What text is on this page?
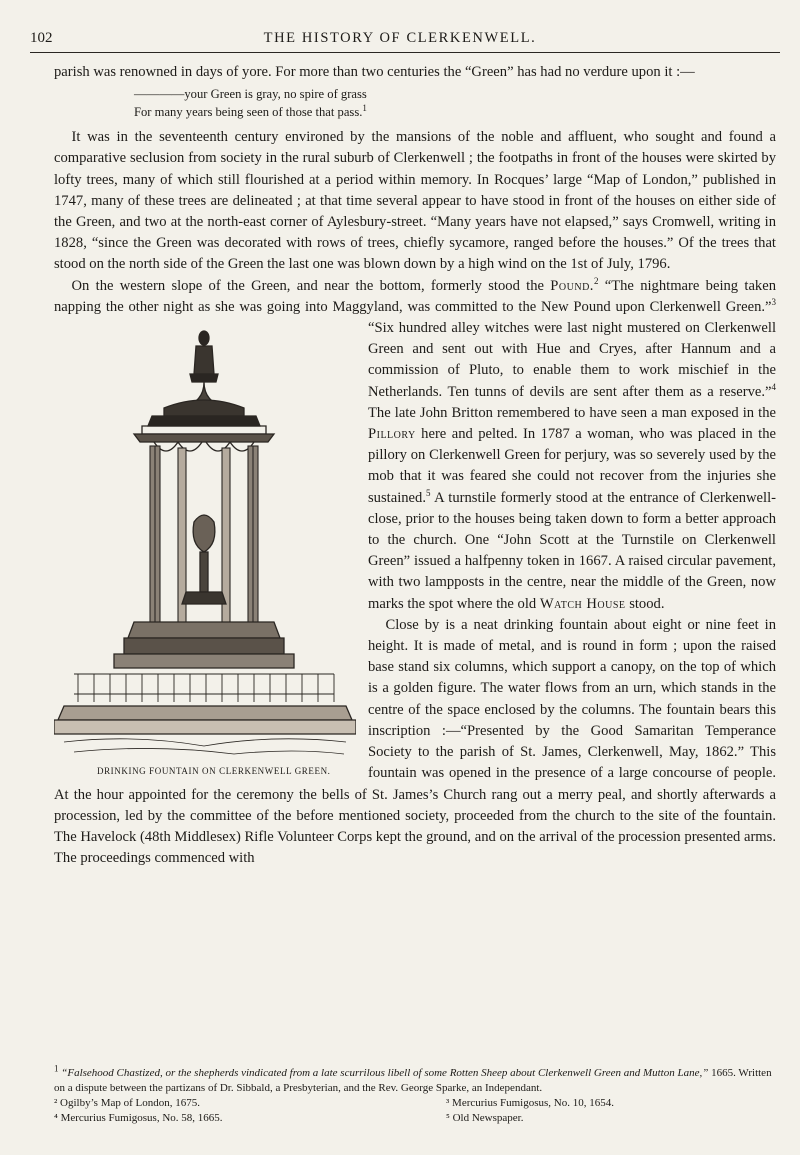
102	THE HISTORY OF CLERKENWELL.

parish was renowned in days of yore. For more than two centuries the “Green” has had no verdure upon it :—

————your Green is gray, no spire of grass
For many years being seen of those that pass.$^1$

It was in the seventeenth century environed by the mansions of the noble and affluent, who sought and found a comparative seclusion from society in the rural suburb of Clerkenwell ; the footpaths in front of the houses were skirted by lofty trees, many of which still flourished at a period within memory. In Rocques’ large “Map of London,” published in 1747, many of these trees are delineated ; at that time several appear to have stood in front of the houses on either side of the Green, and two at the north-east corner of Aylesbury-street. “Many years have not elapsed,” says Cromwell, writing in 1828, “since the Green was decorated with rows of trees, chiefly sycamore, ranged before the houses.” Of the trees that stood on the north side of the Green the last one was blown down by a high wind on the 1st of July, 1796.

On the western slope of the Green, and near the bottom, formerly stood the Pound.$^2$ “The nightmare being taken napping the other night as she was going into Maggyland, was committed to the New Pound upon Clerkenwell Green.”$^3$
DRINKING FOUNTAIN ON CLERKENWELL GREEN.
“Six hundred alley witches were last night mustered on Clerkenwell Green and sent out with Hue and Cryes, after Hannum and a commission of Pluto, to enable them to work mischief in the Netherlands. Ten tunns of devils are sent after them as a reserve.”$^4$ The late John Britton remembered to have seen a man exposed in the Pillory here and pelted. In 1787 a woman, who was placed in the pillory on Clerkenwell Green for perjury, was so severely used by the mob that it was feared she could not recover from the injuries she sustained.$^5$ A turnstile formerly stood at the entrance of Clerkenwell-close, prior to the houses being taken down to form a better approach to the church. One “John Scott at the Turnstile on Clerkenwell Green” issued a halfpenny token in 1667. A raised circular pavement, with two lampposts in the centre, near the middle of the Green, now marks the spot where the old Watch House stood.

Close by is a neat drinking fountain about eight or nine feet in height. It is made of metal, and is round in form ; upon the raised base stand six columns, which support a canopy, on the top of which is a golden figure. The water flows from an urn, which stands in the centre of the space enclosed by the columns. The fountain bears this inscription :—“Presented by the Good Samaritan Temperance Society to the parish of St. James, Clerkenwell, May, 1862.” This fountain was opened in the presence of a large concourse of people. At the hour appointed for the ceremony the bells of St. James’s Church rang out a merry peal, and shortly afterwards a procession, led by the committee of the before mentioned society, proceeded from the church to the site of the fountain. The Havelock (48th Middlesex) Rifle Volunteer Corps kept the ground, and on the arrival of the procession presented arms. The proceedings commenced with

$^1$ “Falsehood Chastized, or the shepherds vindicated from a late scurrilous libell of some Rotten Sheep about Clerkenwell Green and Mutton Lane,” 1665. Written on a dispute between the partizans of Dr. Sibbald, a Presbyterian, and the Rev. George Sparke, an Independant.

² Ogilby’s Map of London, 1675.	³ Mercurius Fumigosus, No. 10, 1654.
⁴ Mercurius Fumigosus, No. 58, 1665.	⁵ Old Newspaper.
